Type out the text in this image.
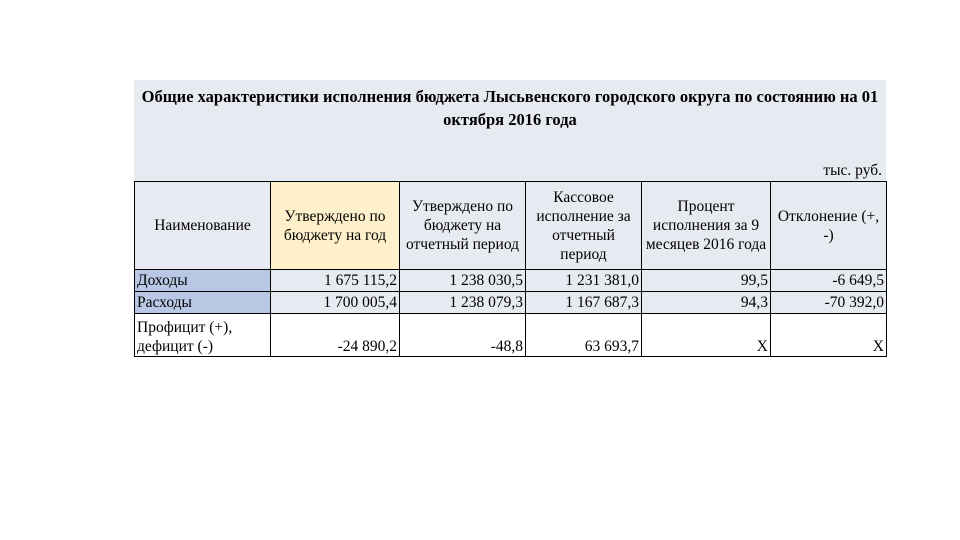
Общие характеристики исполнения бюджета Лысьвенского городского округа по состоянию на 01 октября 2016 года
тыс. руб.
Наименование	Утверждено по бюджету на год	Утверждено по бюджету на отчетный период	Кассовое исполнение за отчетный период	Процент исполнения за 9 месяцев 2016 года	Отклонение (+, -)
Доходы	1 675 115,2	1 238 030,5	1 231 381,0	99,5	-6 649,5
Расходы	1 700 005,4	1 238 079,3	1 167 687,3	94,3	-70 392,0
Профицит (+), дефицит (-)	-24 890,2	-48,8	63 693,7	Х	Х
